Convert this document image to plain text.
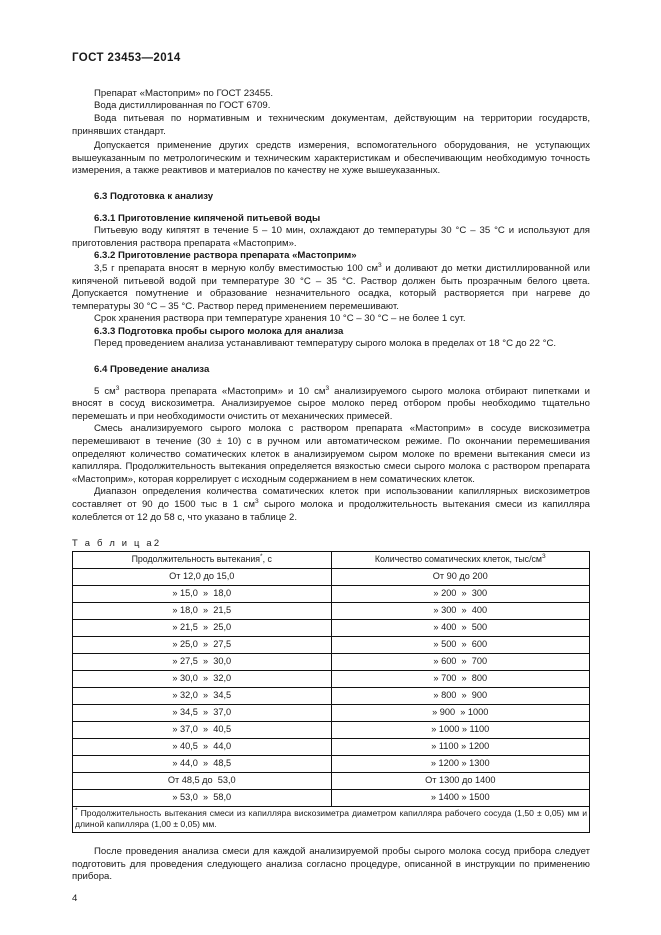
ГОСТ 23453—2014

Препарат «Мастоприм» по ГОСТ 23455.

Вода дистиллированная по ГОСТ 6709.

Вода питьевая по нормативным и техническим документам, действующим на территории государств, принявших стандарт.

Допускается применение других средств измерения, вспомогательного оборудования, не уступающих вышеуказанным по метрологическим и техническим характеристикам и обеспечивающим необходимую точность измерения, а также реактивов и материалов по качеству не хуже вышеуказанных.

6.3 Подготовка к анализу
6.3.1 Приготовление кипяченой питьевой воды

Питьевую воду кипятят в течение 5 – 10 мин, охлаждают до температуры 30 °С – 35 °С и используют для приготовления раствора препарата «Мастоприм».

6.3.2 Приготовление раствора препарата «Мастоприм»

3,5 г препарата вносят в мерную колбу вместимостью 100 $см^3$ и доливают до метки дистиллированной или кипяченой питьевой водой при температуре 30 °С – 35 °С. Раствор должен быть прозрачным белого цвета. Допускается помутнение и образование незначительного осадка, который растворяется при нагреве до температуры 30 °С – 35 °С. Раствор перед применением перемешивают.

Срок хранения раствора при температуре хранения 10 °С – 30 °С – не более 1 сут.

6.3.3 Подготовка пробы сырого молока для анализа

Перед проведением анализа устанавливают температуру сырого молока в пределах от 18 °С до 22 °С.

6.4 Проведение анализа

5 $см^3$ раствора препарата «Мастоприм» и 10 $см^3$ анализируемого сырого молока отбирают пипетками и вносят в сосуд вискозиметра. Анализируемое сырое молоко перед отбором пробы необходимо тщательно перемешать и при необходимости очистить от механических примесей.

Смесь анализируемого сырого молока с раствором препарата «Мастоприм» в сосуде вискозиметра перемешивают в течение (30 ± 10) с в ручном или автоматическом режиме. По окончании перемешивания определяют количество соматических клеток в анализируемом сыром молоке по времени вытекания смеси из капилляра. Продолжительность вытекания определяется вязкостью смеси сырого молока с раствором препарата «Мастоприм», которая коррелирует с исходным содержанием в нем соматических клеток.

Диапазон определения количества соматических клеток при использовании капиллярных вискозиметров составляет от 90 до 1500 тыс в 1 $см^3$ сырого молока и продолжительность вытекания смеси из капилляра колеблется от 12 до 58 с, что указано в таблице 2.

Т а б л и ц а2
Продолжительность вытекания*, с	Количество соматических клеток, тыс/$см^3$
От 12,0 до 15,0	От 90 до 200
» 15,0  »  18,0	» 200  »  300
» 18,0  »  21,5	» 300  »  400
» 21,5  »  25,0	» 400  »  500
» 25,0  »  27,5	» 500  »  600
» 27,5  »  30,0	» 600  »  700
» 30,0  »  32,0	» 700  »  800
» 32,0  »  34,5	» 800  »  900
» 34,5  »  37,0	» 900  » 1000
» 37,0  »  40,5	» 1000 » 1100
» 40,5  »  44,0	» 1100 » 1200
» 44,0  »  48,5	» 1200 » 1300
От 48,5 до  53,0	От 1300 до 1400
» 53,0  »  58,0	» 1400 » 1500

* Продолжительность вытекания смеси из капилляра вискозиметра диаметром капилляра рабочего сосуда (1,50 ± 0,05) мм и длиной капилляра (1,00 ± 0,05) мм.	

После проведения анализа смеси для каждой анализируемой пробы сырого молока сосуд прибора следует подготовить для проведения следующего анализа согласно процедуре, описанной в инструкции по применению прибора.

4
